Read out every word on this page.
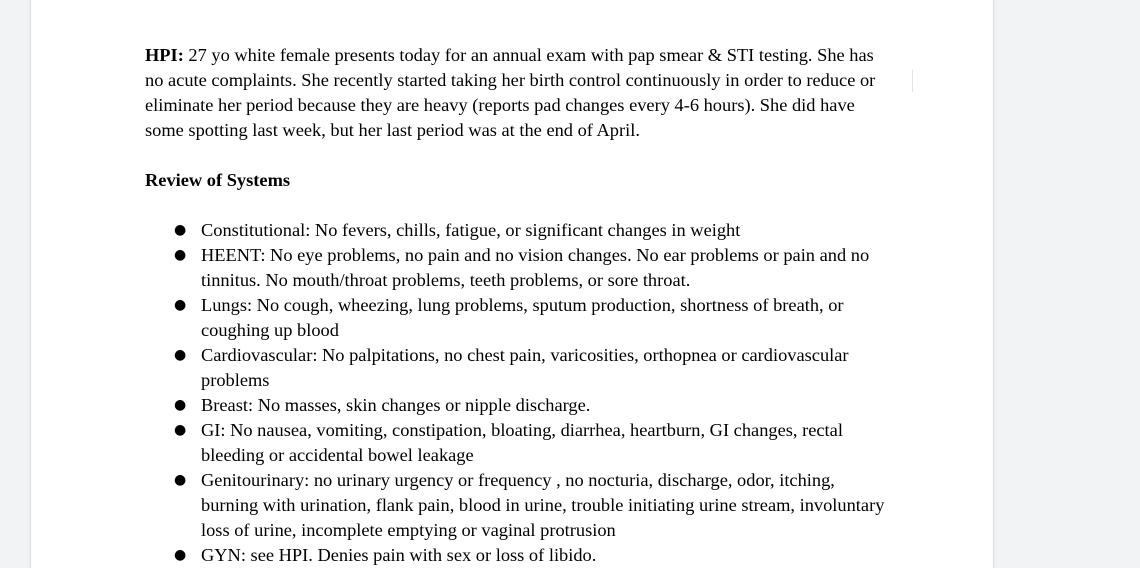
HPI: 27 yo white female presents today for an annual exam with pap smear & STI testing. She has no acute complaints. She recently started taking her birth control continuously in order to reduce or eliminate her period because they are heavy (reports pad changes every 4-6 hours). She did have some spotting last week, but her last period was at the end of April.

Review of Systems

● Constitutional: No fevers, chills, fatigue, or significant changes in weight
● HEENT: No eye problems, no pain and no vision changes. No ear problems or pain and no tinnitus. No mouth/throat problems, teeth problems, or sore throat.
● Lungs: No cough, wheezing, lung problems, sputum production, shortness of breath, or coughing up blood
● Cardiovascular: No palpitations, no chest pain, varicosities, orthopnea or cardiovascular problems
● Breast: No masses, skin changes or nipple discharge.
● GI: No nausea, vomiting, constipation, bloating, diarrhea, heartburn, GI changes, rectal bleeding or accidental bowel leakage
● Genitourinary: no urinary urgency or frequency , no nocturia, discharge, odor, itching, burning with urination, flank pain, blood in urine, trouble initiating urine stream, involuntary loss of urine, incomplete emptying or vaginal protrusion
● GYN: see HPI. Denies pain with sex or loss of libido.
